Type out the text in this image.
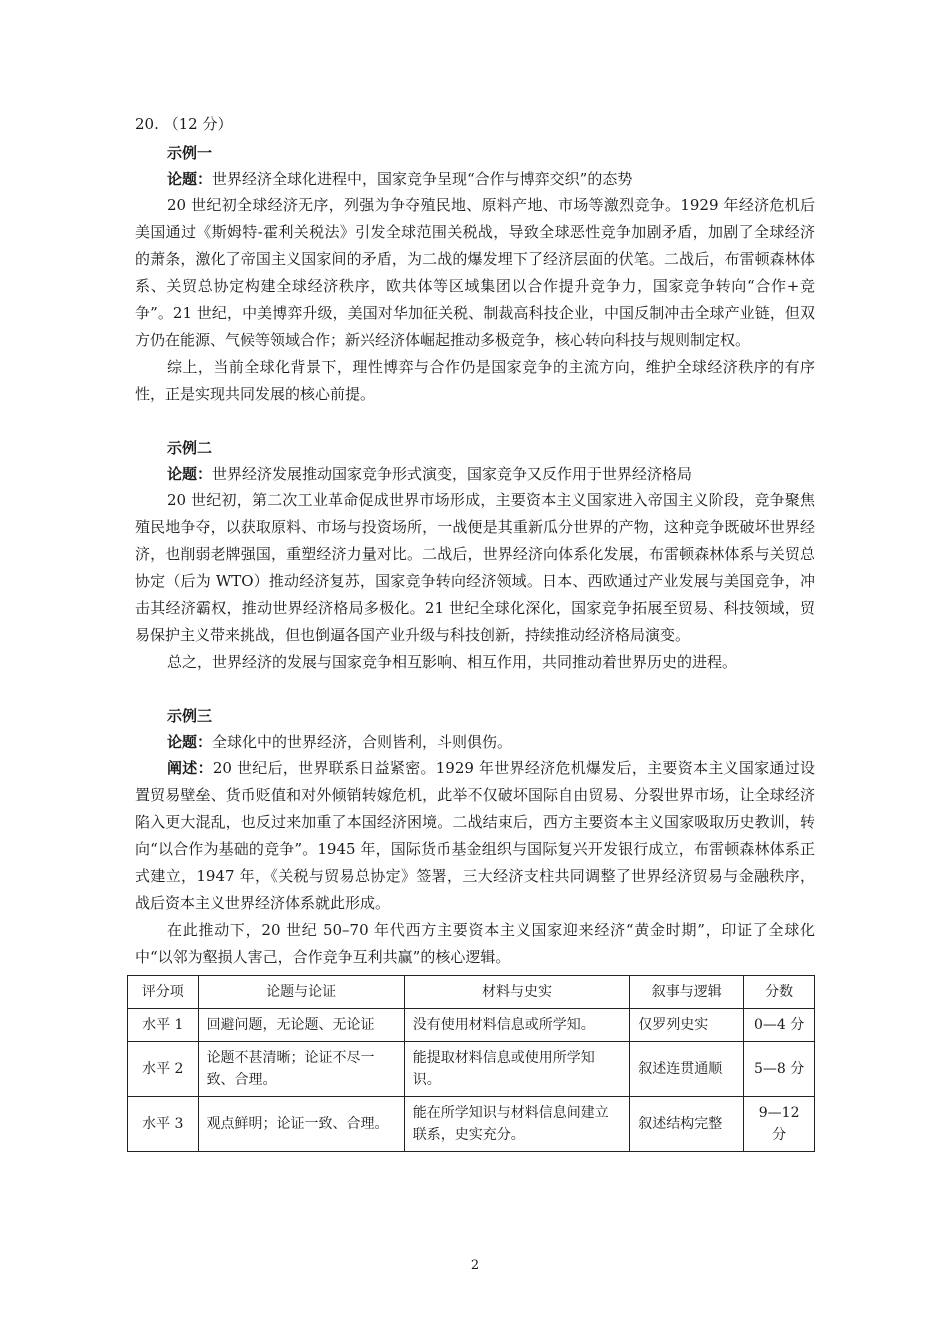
20. （12 分）
示例一
论题：世界经济全球化进程中，国家竞争呈现“合作与博弈交织”的态势

20 世纪初全球经济无序，列强为争夺殖民地、原料产地、市场等激烈竞争。1929 年经济危机后美国通过《斯姆特-霍利关税法》引发全球范围关税战，导致全球恶性竞争加剧矛盾，加剧了全球经济的萧条，激化了帝国主义国家间的矛盾，为二战的爆发埋下了经济层面的伏笔。二战后，布雷顿森林体系、关贸总协定构建全球经济秩序，欧共体等区域集团以合作提升竞争力，国家竞争转向“合作+竞争”。21 世纪，中美博弈升级，美国对华加征关税、制裁高科技企业，中国反制冲击全球产业链，但双方仍在能源、气候等领域合作；新兴经济体崛起推动多极竞争，核心转向科技与规则制定权。

综上，当前全球化背景下，理性博弈与合作仍是国家竞争的主流方向，维护全球经济秩序的有序性，正是实现共同发展的核心前提。

示例二
论题：世界经济发展推动国家竞争形式演变，国家竞争又反作用于世界经济格局

20 世纪初，第二次工业革命促成世界市场形成，主要资本主义国家进入帝国主义阶段，竞争聚焦殖民地争夺，以获取原料、市场与投资场所，一战便是其重新瓜分世界的产物，这种竞争既破坏世界经济，也削弱老牌强国，重塑经济力量对比。二战后，世界经济向体系化发展，布雷顿森林体系与关贸总协定（后为 WTO）推动经济复苏，国家竞争转向经济领域。日本、西欧通过产业发展与美国竞争，冲击其经济霸权，推动世界经济格局多极化。21 世纪全球化深化，国家竞争拓展至贸易、科技领域，贸易保护主义带来挑战，但也倒逼各国产业升级与科技创新，持续推动经济格局演变。

总之，世界经济的发展与国家竞争相互影响、相互作用，共同推动着世界历史的进程。

示例三
论题：全球化中的世界经济，合则皆利，斗则俱伤。

阐述：20 世纪后，世界联系日益紧密。1929 年世界经济危机爆发后，主要资本主义国家通过设置贸易壁垒、货币贬值和对外倾销转嫁危机，此举不仅破坏国际自由贸易、分裂世界市场，让全球经济陷入更大混乱，也反过来加重了本国经济困境。二战结束后，西方主要资本主义国家吸取历史教训，转向“以合作为基础的竞争”。1945 年，国际货币基金组织与国际复兴开发银行成立，布雷顿森林体系正式建立，1947 年，《关税与贸易总协定》签署，三大经济支柱共同调整了世界经济贸易与金融秩序，战后资本主义世界经济体系就此形成。

在此推动下，20 世纪 50–70 年代西方主要资本主义国家迎来经济“黄金时期”，印证了全球化中“以邻为壑损人害己，合作竞争互利共赢”的核心逻辑。

评分项	论题与论证	材料与史实	叙事与逻辑	分数
水平 1	回避问题，无论题、无论证	没有使用材料信息或所学知。	仅罗列史实	0—4 分
水平 2	论题不甚清晰；论证不尽一致、合理。	能提取材料信息或使用所学知识。	叙述连贯通顺	5—8 分
水平 3	观点鲜明；论证一致、合理。	能在所学知识与材料信息间建立联系，史实充分。	叙述结构完整	9—12 分
2
